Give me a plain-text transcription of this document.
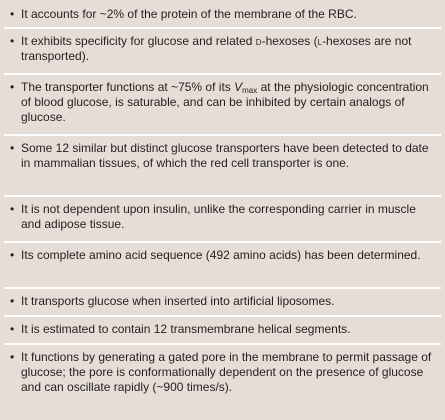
• It accounts for ~2% of the protein of the membrane of the RBC.
• It exhibits specificity for glucose and related d-hexoses (l-hexoses are not transported).
• The transporter functions at ~75% of its $V_{max}$ at the physiologic concentration of blood glucose, is saturable, and can be inhibited by certain analogs of glucose.
• Some 12 similar but distinct glucose transporters have been detected to date in mammalian tissues, of which the red cell transporter is one.
• It is not dependent upon insulin, unlike the corresponding carrier in muscle and adipose tissue.
• Its complete amino acid sequence (492 amino acids) has been determined.
• It transports glucose when inserted into artificial liposomes.
• It is estimated to contain 12 transmembrane helical segments.
• It functions by generating a gated pore in the membrane to permit passage of glucose; the pore is conformationally dependent on the presence of glucose and can oscillate rapidly (~900 times/s).
